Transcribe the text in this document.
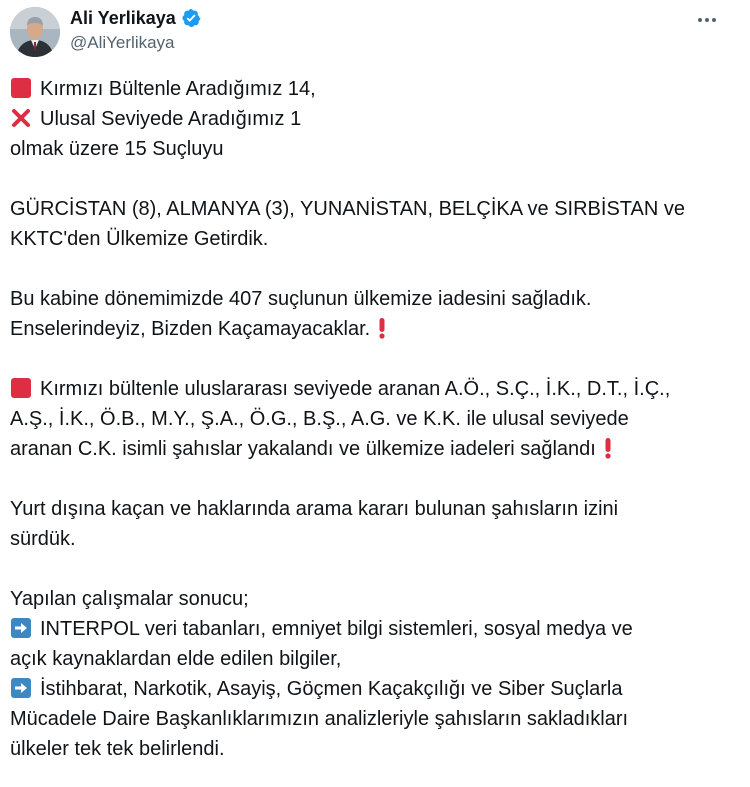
Ali Yerlikaya
@AliYerlikaya
Kırmızı Bültenle Aradığımız 14,
Ulusal Seviyede Aradığımız 1
olmak üzere 15 Suçluyu
GÜRCİSTAN (8), ALMANYA (3), YUNANİSTAN, BELÇİKA ve SIRBİSTAN ve
KKTC'den Ülkemize Getirdik.
Bu kabine dönemimizde 407 suçlunun ülkemize iadesini sağladık.
Enselerindeyiz, Bizden Kaçamayacaklar.
Kırmızı bültenle uluslararası seviyede aranan A.Ö., S.Ç., İ.K., D.T., İ.Ç.,
A.Ş., İ.K., Ö.B., M.Y., Ş.A., Ö.G., B.Ş., A.G. ve K.K. ile ulusal seviyede
aranan C.K. isimli şahıslar yakalandı ve ülkemize iadeleri sağlandı
Yurt dışına kaçan ve haklarında arama kararı bulunan şahısların izini
sürdük.
Yapılan çalışmalar sonucu;
INTERPOL veri tabanları, emniyet bilgi sistemleri, sosyal medya ve
açık kaynaklardan elde edilen bilgiler,
İstihbarat, Narkotik, Asayiş, Göçmen Kaçakçılığı ve Siber Suçlarla
Mücadele Daire Başkanlıklarımızın analizleriyle şahısların sakladıkları
ülkeler tek tek belirlendi.
